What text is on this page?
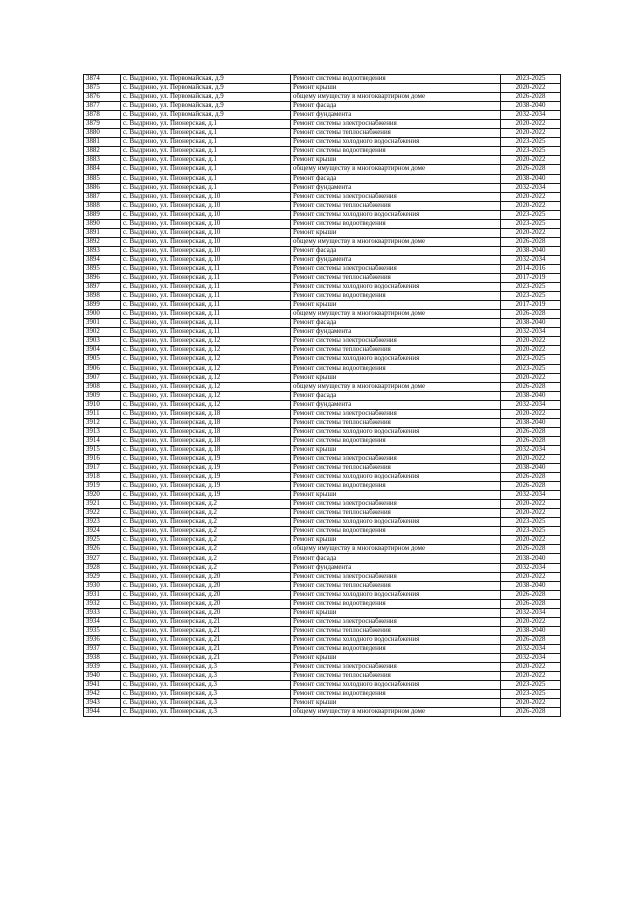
3874	с. Выдрино, ул. Первомайская, д.9	Ремонт системы водоотведения	2023-2025
3875	с. Выдрино, ул. Первомайская, д.9	Ремонт крыши	2020-2022
3876	с. Выдрино, ул. Первомайская, д.9	общему имуществу в многоквартирном доме	2026-2028
3877	с. Выдрино, ул. Первомайская, д.9	Ремонт фасада	2038-2040
3878	с. Выдрино, ул. Первомайская, д.9	Ремонт фундамента	2032-2034
3879	с. Выдрино, ул. Пионерская, д.1	Ремонт системы электроснабжения	2020-2022
3880	с. Выдрино, ул. Пионерская, д.1	Ремонт системы теплоснабжения	2020-2022
3881	с. Выдрино, ул. Пионерская, д.1	Ремонт системы холодного водоснабжения	2023-2025
3882	с. Выдрино, ул. Пионерская, д.1	Ремонт системы водоотведения	2023-2025
3883	с. Выдрино, ул. Пионерская, д.1	Ремонт крыши	2020-2022
3884	с. Выдрино, ул. Пионерская, д.1	общему имуществу в многоквартирном доме	2026-2028
3885	с. Выдрино, ул. Пионерская, д.1	Ремонт фасада	2038-2040
3886	с. Выдрино, ул. Пионерская, д.1	Ремонт фундамента	2032-2034
3887	с. Выдрино, ул. Пионерская, д.10	Ремонт системы электроснабжения	2020-2022
3888	с. Выдрино, ул. Пионерская, д.10	Ремонт системы теплоснабжения	2020-2022
3889	с. Выдрино, ул. Пионерская, д.10	Ремонт системы холодного водоснабжения	2023-2025
3890	с. Выдрино, ул. Пионерская, д.10	Ремонт системы водоотведения	2023-2025
3891	с. Выдрино, ул. Пионерская, д.10	Ремонт крыши	2020-2022
3892	с. Выдрино, ул. Пионерская, д.10	общему имуществу в многоквартирном доме	2026-2028
3893	с. Выдрино, ул. Пионерская, д.10	Ремонт фасада	2038-2040
3894	с. Выдрино, ул. Пионерская, д.10	Ремонт фундамента	2032-2034
3895	с. Выдрино, ул. Пионерская, д.11	Ремонт системы электроснабжения	2014-2016
3896	с. Выдрино, ул. Пионерская, д.11	Ремонт системы теплоснабжения	2017-2019
3897	с. Выдрино, ул. Пионерская, д.11	Ремонт системы холодного водоснабжения	2023-2025
3898	с. Выдрино, ул. Пионерская, д.11	Ремонт системы водоотведения	2023-2025
3899	с. Выдрино, ул. Пионерская, д.11	Ремонт крыши	2017-2019
3900	с. Выдрино, ул. Пионерская, д.11	общему имуществу в многоквартирном доме	2026-2028
3901	с. Выдрино, ул. Пионерская, д.11	Ремонт фасада	2038-2040
3902	с. Выдрино, ул. Пионерская, д.11	Ремонт фундамента	2032-2034
3903	с. Выдрино, ул. Пионерская, д.12	Ремонт системы электроснабжения	2020-2022
3904	с. Выдрино, ул. Пионерская, д.12	Ремонт системы теплоснабжения	2020-2022
3905	с. Выдрино, ул. Пионерская, д.12	Ремонт системы холодного водоснабжения	2023-2025
3906	с. Выдрино, ул. Пионерская, д.12	Ремонт системы водоотведения	2023-2025
3907	с. Выдрино, ул. Пионерская, д.12	Ремонт крыши	2020-2022
3908	с. Выдрино, ул. Пионерская, д.12	общему имуществу в многоквартирном доме	2026-2028
3909	с. Выдрино, ул. Пионерская, д.12	Ремонт фасада	2038-2040
3910	с. Выдрино, ул. Пионерская, д.12	Ремонт фундамента	2032-2034
3911	с. Выдрино, ул. Пионерская, д.18	Ремонт системы электроснабжения	2020-2022
3912	с. Выдрино, ул. Пионерская, д.18	Ремонт системы теплоснабжения	2038-2040
3913	с. Выдрино, ул. Пионерская, д.18	Ремонт системы холодного водоснабжения	2026-2028
3914	с. Выдрино, ул. Пионерская, д.18	Ремонт системы водоотведения	2026-2028
3915	с. Выдрино, ул. Пионерская, д.18	Ремонт крыши	2032-2034
3916	с. Выдрино, ул. Пионерская, д.19	Ремонт системы электроснабжения	2020-2022
3917	с. Выдрино, ул. Пионерская, д.19	Ремонт системы теплоснабжения	2038-2040
3918	с. Выдрино, ул. Пионерская, д.19	Ремонт системы холодного водоснабжения	2026-2028
3919	с. Выдрино, ул. Пионерская, д.19	Ремонт системы водоотведения	2026-2028
3920	с. Выдрино, ул. Пионерская, д.19	Ремонт крыши	2032-2034
3921	с. Выдрино, ул. Пионерская, д.2	Ремонт системы электроснабжения	2020-2022
3922	с. Выдрино, ул. Пионерская, д.2	Ремонт системы теплоснабжения	2020-2022
3923	с. Выдрино, ул. Пионерская, д.2	Ремонт системы холодного водоснабжения	2023-2025
3924	с. Выдрино, ул. Пионерская, д.2	Ремонт системы водоотведения	2023-2025
3925	с. Выдрино, ул. Пионерская, д.2	Ремонт крыши	2020-2022
3926	с. Выдрино, ул. Пионерская, д.2	общему имуществу в многоквартирном доме	2026-2028
3927	с. Выдрино, ул. Пионерская, д.2	Ремонт фасада	2038-2040
3928	с. Выдрино, ул. Пионерская, д.2	Ремонт фундамента	2032-2034
3929	с. Выдрино, ул. Пионерская, д.20	Ремонт системы электроснабжения	2020-2022
3930	с. Выдрино, ул. Пионерская, д.20	Ремонт системы теплоснабжения	2038-2040
3931	с. Выдрино, ул. Пионерская, д.20	Ремонт системы холодного водоснабжения	2026-2028
3932	с. Выдрино, ул. Пионерская, д.20	Ремонт системы водоотведения	2026-2028
3933	с. Выдрино, ул. Пионерская, д.20	Ремонт крыши	2032-2034
3934	с. Выдрино, ул. Пионерская, д.21	Ремонт системы электроснабжения	2020-2022
3935	с. Выдрино, ул. Пионерская, д.21	Ремонт системы теплоснабжения	2038-2040
3936	с. Выдрино, ул. Пионерская, д.21	Ремонт системы холодного водоснабжения	2026-2028
3937	с. Выдрино, ул. Пионерская, д.21	Ремонт системы водоотведения	2032-2034
3938	с. Выдрино, ул. Пионерская, д.21	Ремонт крыши	2032-2034
3939	с. Выдрино, ул. Пионерская, д.3	Ремонт системы электроснабжения	2020-2022
3940	с. Выдрино, ул. Пионерская, д.3	Ремонт системы теплоснабжения	2020-2022
3941	с. Выдрино, ул. Пионерская, д.3	Ремонт системы холодного водоснабжения	2023-2025
3942	с. Выдрино, ул. Пионерская, д.3	Ремонт системы водоотведения	2023-2025
3943	с. Выдрино, ул. Пионерская, д.3	Ремонт крыши	2020-2022
3944	с. Выдрино, ул. Пионерская, д.3	общему имуществу в многоквартирном доме	2026-2028
